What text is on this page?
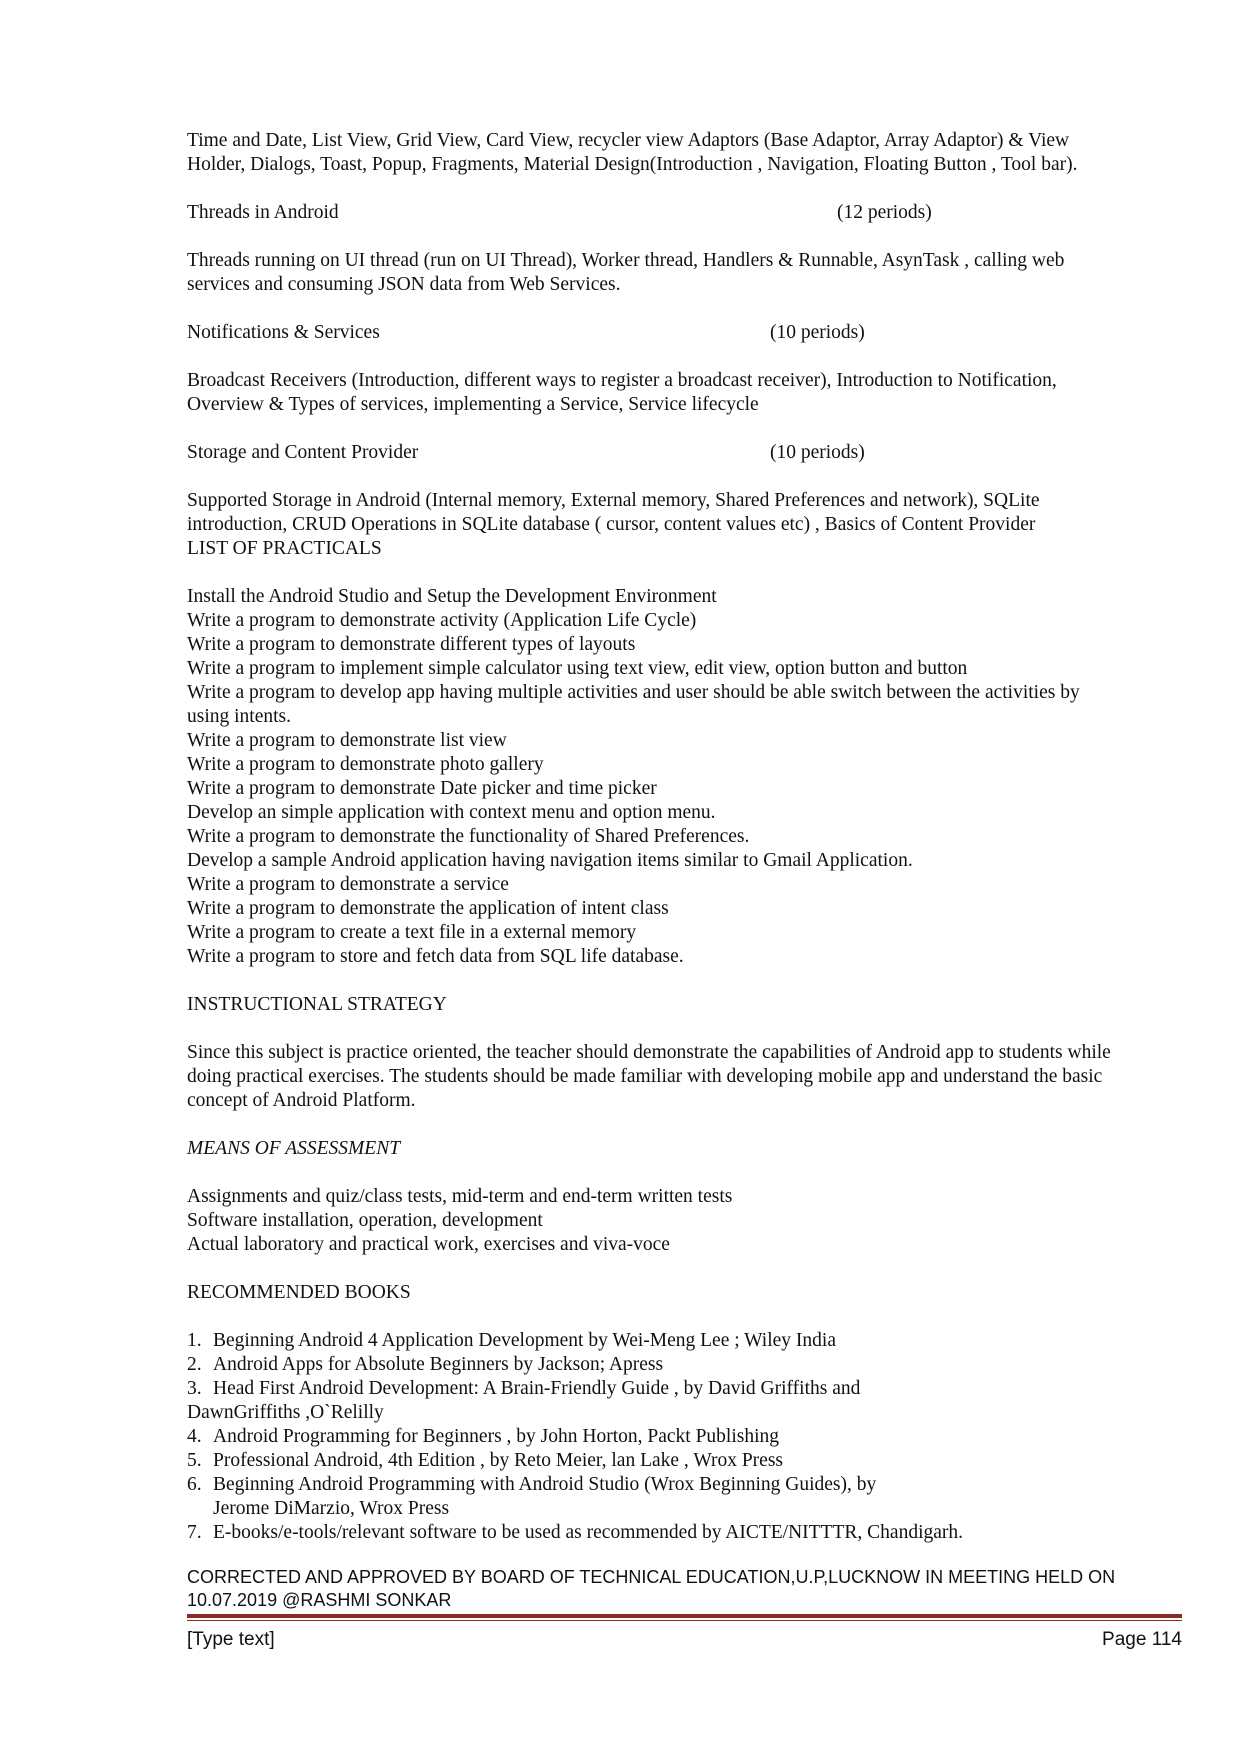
Time and Date, List View, Grid View, Card View, recycler view Adaptors (Base Adaptor, Array Adaptor) & View
Holder, Dialogs, Toast, Popup, Fragments, Material Design(Introduction , Navigation, Floating Button , Tool bar).

Threads in Android	(12 periods)

Threads running on UI thread (run on UI Thread), Worker thread, Handlers & Runnable, AsynTask , calling web
services and consuming JSON data from Web Services.

Notifications & Services	(10 periods)

Broadcast Receivers (Introduction, different ways to register a broadcast receiver), Introduction to Notification,
Overview & Types of services, implementing a Service, Service lifecycle

Storage and Content Provider	(10 periods)

Supported Storage in Android (Internal memory, External memory, Shared Preferences and network), SQLite
introduction, CRUD Operations in SQLite database ( cursor, content values etc) , Basics of Content Provider

LIST OF PRACTICALS

Install the Android Studio and Setup the Development Environment
Write a program to demonstrate activity (Application Life Cycle)
Write a program to demonstrate different types of layouts
Write a program to implement simple calculator using text view, edit view, option button and button
Write a program to develop app having multiple activities and user should be able switch between the activities by
using intents.
Write a program to demonstrate list view
Write a program to demonstrate photo gallery
Write a program to demonstrate Date picker and time picker
Develop an simple application with context menu and option menu.
Write a program to demonstrate the functionality of Shared Preferences.
Develop a sample Android application having navigation items similar to Gmail Application.
Write a program to demonstrate a service
Write a program to demonstrate the application of intent class
Write a program to create a text file in a external memory
Write a program to store and fetch data from SQL life database.

INSTRUCTIONAL STRATEGY

Since this subject is practice oriented, the teacher should demonstrate the capabilities of Android app to students while
doing practical exercises. The students should be made familiar with developing mobile app and understand the basic
concept of Android Platform.

MEANS OF ASSESSMENT

Assignments and quiz/class tests, mid-term and end-term written tests
Software installation, operation, development
Actual laboratory and practical work, exercises and viva-voce

RECOMMENDED BOOKS

1. Beginning Android 4 Application Development by Wei-Meng Lee ; Wiley India
2. Android Apps for Absolute Beginners by Jackson; Apress
3. Head First Android Development: A Brain-Friendly Guide , by David Griffiths and
DawnGriffiths ,O`Relilly
4. Android Programming for Beginners , by John Horton, Packt Publishing
5. Professional Android, 4th Edition , by Reto Meier, lan Lake , Wrox Press
6. Beginning Android Programming with Android Studio (Wrox Beginning Guides), by
Jerome DiMarzio, Wrox Press
7. E-books/e-tools/relevant software to be used as recommended by AICTE/NITTTR, Chandigarh.
CORRECTED AND APPROVED BY BOARD OF TECHNICAL EDUCATION,U.P,LUCKNOW IN MEETING HELD ON
10.07.2019 @RASHMI SONKAR
[Type text]	Page 114
